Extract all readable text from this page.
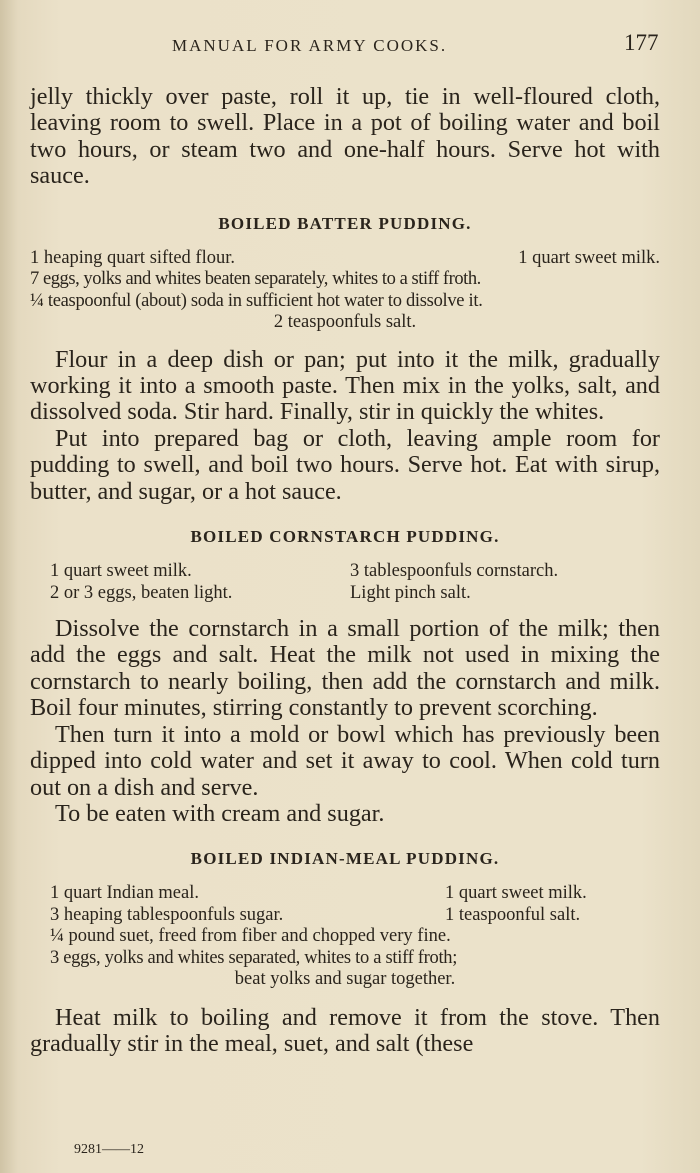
MANUAL FOR ARMY COOKS.	177

jelly thickly over paste, roll it up, tie in well-floured cloth, leaving room to swell. Place in a pot of boiling water and boil two hours, or steam two and one-half hours. Serve hot with sauce.

BOILED BATTER PUDDING.

1 heaping quart sifted flour.	1 quart sweet milk.
7 eggs, yolks and whites beaten separately, whites to a stiff froth.
¼ teaspoonful (about) soda in sufficient hot water to dissolve it.
2 teaspoonfuls salt.

Flour in a deep dish or pan; put into it the milk, gradually working it into a smooth paste. Then mix in the yolks, salt, and dissolved soda. Stir hard. Finally, stir in quickly the whites.

Put into prepared bag or cloth, leaving ample room for pudding to swell, and boil two hours. Serve hot. Eat with sirup, butter, and sugar, or a hot sauce.

BOILED CORNSTARCH PUDDING.

1 quart sweet milk.	3 tablespoonfuls cornstarch.
2 or 3 eggs, beaten light.	Light pinch salt.

Dissolve the cornstarch in a small portion of the milk; then add the eggs and salt. Heat the milk not used in mixing the cornstarch to nearly boiling, then add the cornstarch and milk. Boil four minutes, stirring constantly to prevent scorching.

Then turn it into a mold or bowl which has previously been dipped into cold water and set it away to cool. When cold turn out on a dish and serve.

To be eaten with cream and sugar.

BOILED INDIAN-MEAL PUDDING.

1 quart Indian meal.	1 quart sweet milk.
3 heaping tablespoonfuls sugar.	1 teaspoonful salt.
¼ pound suet, freed from fiber and chopped very fine.
3 eggs, yolks and whites separated, whites to a stiff froth;
beat yolks and sugar together.

Heat milk to boiling and remove it from the stove. Then gradually stir in the meal, suet, and salt (these

9281——12
